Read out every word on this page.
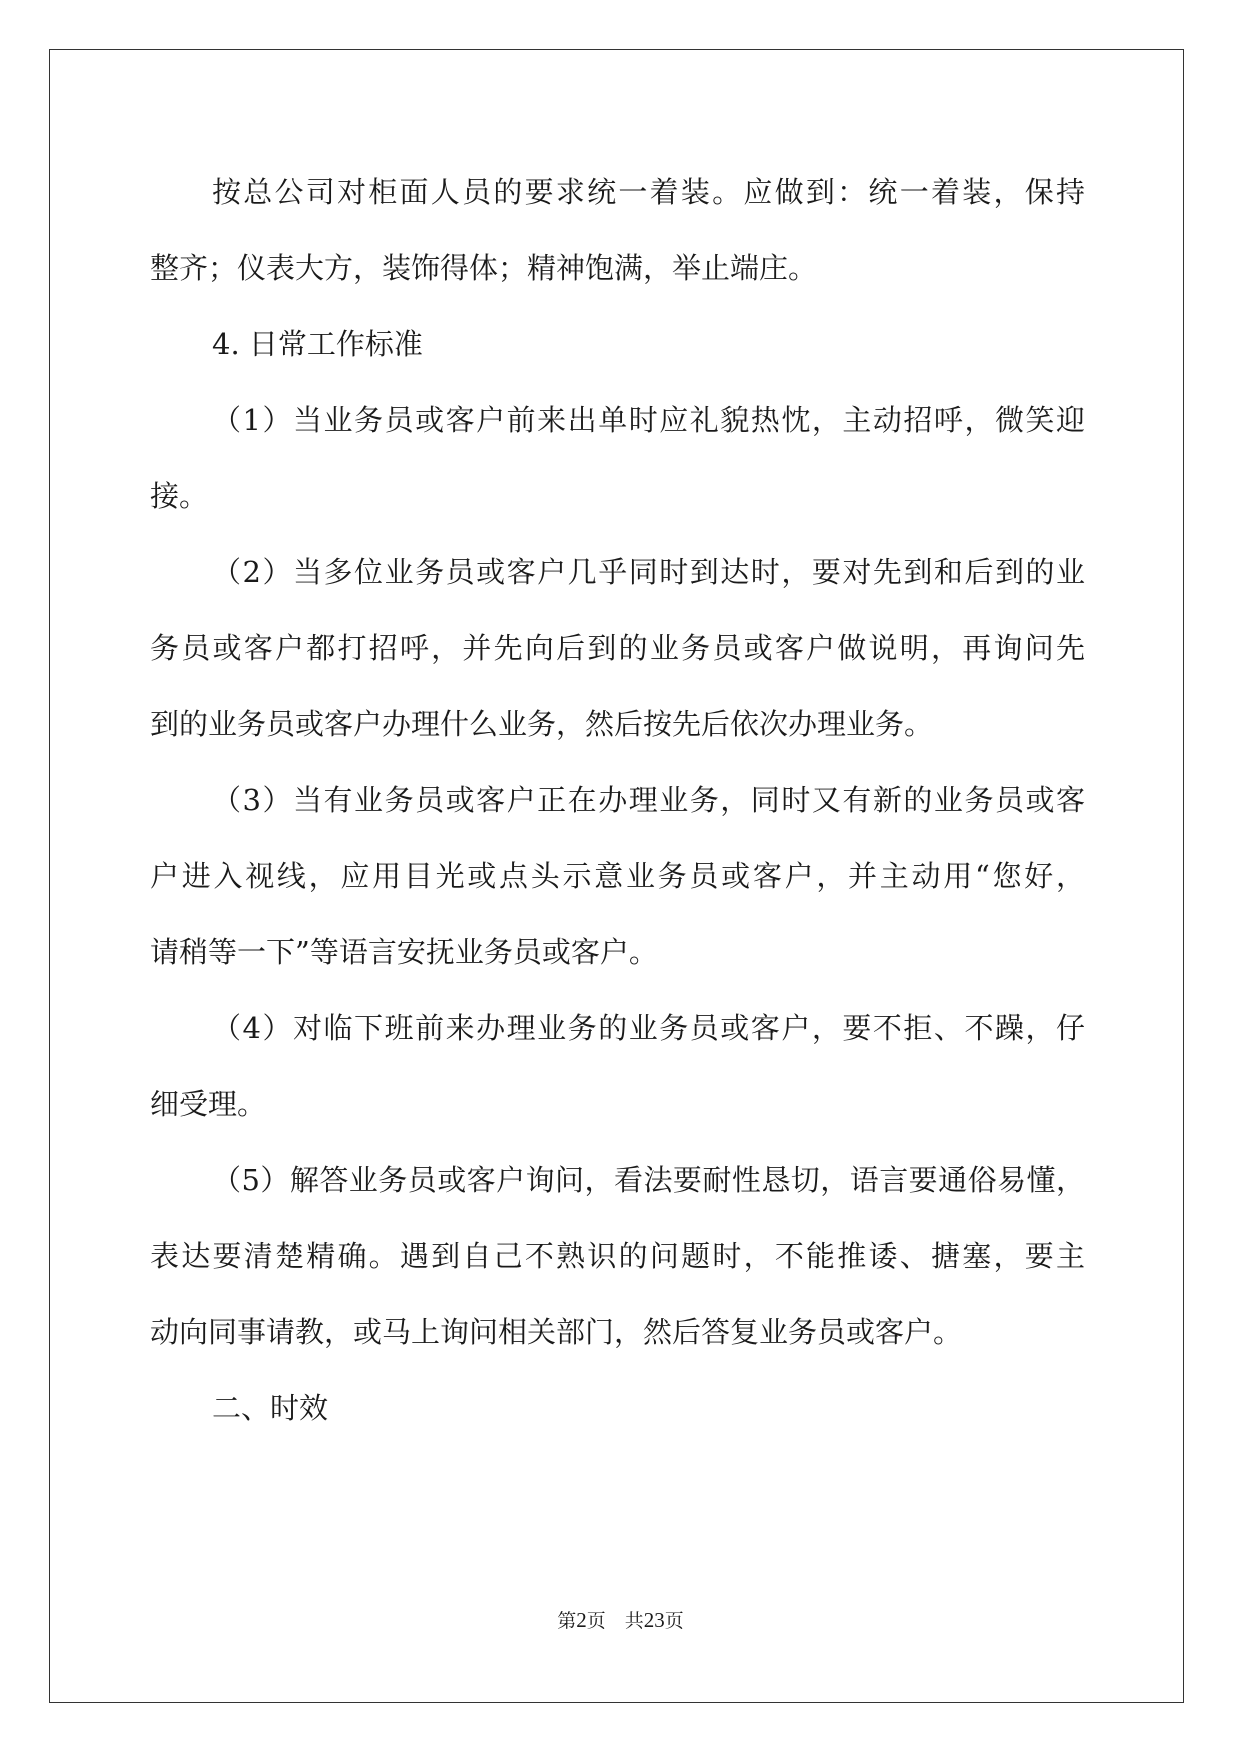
按总公司对柜面人员的要求统一着装。应做到：统一着装，保持
整齐；仪表大方，装饰得体；精神饱满，举止端庄。
4. 日常工作标准
（1）当业务员或客户前来出单时应礼貌热忱，主动招呼，微笑迎
接。
（2）当多位业务员或客户几乎同时到达时，要对先到和后到的业
务员或客户都打招呼，并先向后到的业务员或客户做说明，再询问先
到的业务员或客户办理什么业务，然后按先后依次办理业务。
（3）当有业务员或客户正在办理业务，同时又有新的业务员或客
户进入视线，应用目光或点头示意业务员或客户，并主动用“您好，
请稍等一下”等语言安抚业务员或客户。
（4）对临下班前来办理业务的业务员或客户，要不拒、不躁，仔
细受理。
（5）解答业务员或客户询问，看法要耐性恳切，语言要通俗易懂，
表达要清楚精确。遇到自己不熟识的问题时，不能推诿、搪塞，要主
动向同事请教，或马上询问相关部门，然后答复业务员或客户。
二、时效
第2页　共23页
